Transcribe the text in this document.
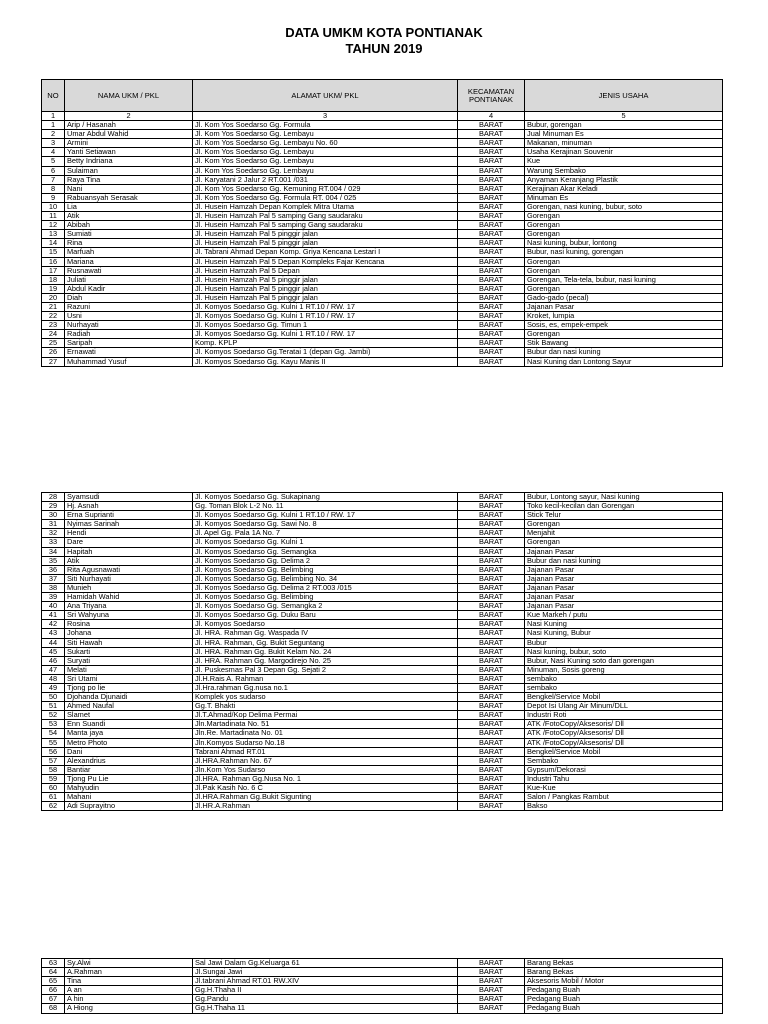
DATA UMKM KOTA PONTIANAK
TAHUN 2019
NO	NAMA UKM / PKL	ALAMAT UKM/ PKL	KECAMATAN
PONTIANAK	JENIS USAHA
1	2	3	4	5
1	Arip / Hasanah	Jl. Kom Yos Soedarso Gg. Formula	BARAT	Bubur, gorengan
2	Umar Abdul Wahid	Jl. Kom Yos Soedarso Gg. Lembayu	BARAT	Jual Minuman Es
3	Armini	Jl. Kom Yos Soedarso Gg. Lembayu No. 60	BARAT	Makanan, minuman
4	Yanti Setiawan	Jl. Kom Yos Soedarso Gg. Lembayu	BARAT	Usaha Kerajinan Souvenir
5	Betty Indriana	Jl. Kom Yos Soedarso Gg. Lembayu	BARAT	Kue
6	Sulaiman	Jl. Kom Yos Soedarso Gg. Lembayu	BARAT	Warung Sembako
7	Raya Tina	Jl. Karyatani 2 Jalur 2 RT.001 /031	BARAT	Anyaman Keranjang Plastik
8	Nani	Jl. Kom Yos Soedarso Gg. Kemuning RT.004 / 029	BARAT	Kerajinan Akar Keladi
9	Rabuansyah Serasak	Jl. Kom Yos Soedarso Gg. Formula RT. 004 / 025	BARAT	Minuman Es
10	Lia	Jl. Husein Hamzah Depan Komplek Mitra Utama	BARAT	Gorengan, nasi kuning, bubur, soto
11	Atik	Jl. Husein Hamzah Pal 5 samping Gang saudaraku	BARAT	Gorengan
12	Abibah	Jl. Husein Hamzah Pal 5 samping Gang saudaraku	BARAT	Gorengan
13	Sumiati	Jl. Husein Hamzah Pal 5 pinggir jalan	BARAT	Gorengan
14	Rina	Jl. Husein Hamzah Pal 5 pinggir jalan	BARAT	Nasi kuning, bubur, lontong
15	Marfuah	Jl. Tabrani Ahmad Depan Komp. Griya Kencana Lestari I	BARAT	Bubur, nasi kuning, gorengan
16	Mariana	Jl. Husein Hamzah Pal 5 Depan Kompleks Fajar Kencana	BARAT	Gorengan
17	Rusnawati	Jl. Husein Hamzah Pal 5 Depan	BARAT	Gorengan
18	Juliati	Jl. Husein Hamzah Pal 5 pinggir jalan	BARAT	Gorengan, Tela-tela, bubur, nasi kuning
19	Abdul Kadir	Jl. Husein Hamzah Pal 5 pinggir jalan	BARAT	Gorengan
20	Diah	Jl. Husein Hamzah Pal 5 pinggir jalan	BARAT	Gado-gado (pecal)
21	Razuni	Jl. Komyos Soedarso Gg. Kulni 1 RT.10 / RW. 17	BARAT	Jajanan Pasar
22	Usni	Jl. Komyos Soedarso Gg. Kulni 1 RT.10 / RW. 17	BARAT	Kroket, lumpia
23	Nurhayati	Jl. Komyos Soedarso Gg. Timun 1	BARAT	Sosis, es, empek-empek
24	Radiah	Jl. Komyos Soedarso Gg. Kulni 1 RT.10 / RW. 17	BARAT	Gorengan
25	Saripah	Komp. KPLP	BARAT	Stik Bawang
26	Ernawati	Jl. Komyos Soedarso Gg.Teratai 1 (depan Gg. Jambi)	BARAT	Bubur dan nasi kuning
27	Muhammad Yusuf	Jl. Komyos Soedarso Gg. Kayu Manis II	BARAT	Nasi Kuning dan Lontong Sayur
28	Syamsudi	Jl. Komyos Soedarso Gg. Sukapinang	BARAT	Bubur, Lontong sayur, Nasi kuning
29	Hj. Asnah	Gg. Toman Blok L-2 No. 11	BARAT	Toko kecil-kecilan dan Gorengan
30	Erna Suprianti	Jl. Komyos Soedarso Gg. Kulni 1 RT.10 / RW. 17	BARAT	Stick Telur
31	Nyimas Sarinah	Jl. Komyos Soedarso Gg. Sawi No. 8	BARAT	Gorengan
32	Hendi	Jl. Apel Gg. Pala 1A No. 7	BARAT	Menjahit
33	Dare	Jl. Komyos Soedarso Gg. Kulni 1	BARAT	Gorengan
34	Hapitah	Jl. Komyos Soedarso Gg. Semangka	BARAT	Jajanan Pasar
35	Atik	Jl. Komyos Soedarso Gg. Delima 2	BARAT	Bubur dan nasi kuning
36	Rita Agusnawati	Jl. Komyos Soedarso Gg. Belimbing	BARAT	Jajanan Pasar
37	Siti Nurhayati	Jl. Komyos Soedarso Gg. Belimbing No. 34	BARAT	Jajanan Pasar
38	Munieh	Jl. Komyos Soedarso Gg. Delima 2 RT.003 /015	BARAT	Jajanan Pasar
39	Hamidah Wahid	Jl. Komyos Soedarso Gg. Belimbing	BARAT	Jajanan Pasar
40	Ana Triyana	Jl. Komyos Soedarso Gg. Semangka 2	BARAT	Jajanan Pasar
41	Sri Wahyuna	Jl. Komyos Soedarso Gg. Duku Baru	BARAT	Kue Markeh / putu
42	Rosina	Jl. Komyos Soedarso	BARAT	Nasi Kuning
43	Johana	Jl. HRA. Rahman Gg. Waspada IV	BARAT	Nasi Kuning, Bubur
44	Siti Hawah	Jl. HRA. Rahman, Gg. Bukit Seguntang	BARAT	Bubur
45	Sukarti	Jl. HRA. Rahman Gg. Bukit Kelam No. 24	BARAT	Nasi kuning, bubur, soto
46	Suryati	Jl. HRA. Rahman Gg. Margodirejo No. 25	BARAT	Bubur, Nasi Kuning soto dan gorengan
47	Melati	Jl. Puskesmas Pal 3 Depan Gg. Sejati 2	BARAT	Minuman, Sosis goreng
48	Sri Utami	Jl.H.Rais A. Rahman	BARAT	sembako
49	Tjong po lie	Jl.Hra.rahman Gg.nusa no.1	BARAT	sembako
50	Djohanda Djunaidi	Komplek yos sudarso	BARAT	Bengkel/Service Mobil
51	Ahmed Naufal	Gg.T. Bhakti	BARAT	Depot Isi Ulang Air Minum/DLL
52	Slamet	Jl.T.Ahmad/Kop Delima Permai	BARAT	Industri Roti
53	Enn Suandi	Jln.Martadinata No. 51	BARAT	ATK /FotoCopy/Aksesoris/ Dll
54	Manta jaya	Jln.Re. Martadinata No. 01	BARAT	ATK /FotoCopy/Aksesoris/ Dll
55	Metro Photo	Jln.Komyos Sudarso No.18	BARAT	ATK /FotoCopy/Aksesoris/ Dll
56	Dani	Tabrani Ahmad RT.01	BARAT	Bengkel/Service Mobil
57	Alexandrius	Jl.HRA.Rahman No. 67	BARAT	Sembako
58	Bantiar	Jln.Kom Yos Sudarso	BARAT	Gypsum/Dekorasi
59	Tjong Pu Lie	Jl.HRA. Rahman Gg.Nusa No. 1	BARAT	Industri Tahu
60	Mahyudin	Jl.Pak Kasih No. 6 C	BARAT	Kue-Kue
61	Mahani	Jl.HRA.Rahman Gg.Bukit Sigunting	BARAT	Salon / Pangkas Rambut
62	Adi Suprayitno	Jl.HR.A.Rahman	BARAT	Bakso
63	Sy.Alwi	Sal Jawi Dalam Gg.Keluarga 61	BARAT	Barang Bekas
64	A.Rahman	Jl.Sungai Jawi	BARAT	Barang Bekas
65	Tina	Jl.tabrani Ahmad RT.01 RW.XIV	BARAT	Aksesoris Mobil / Motor
66	A an	Gg.H.Thaha II	BARAT	Pedagang Buah
67	A hin	Gg.Pandu	BARAT	Pedagang Buah
68	A Hiong	Gg.H.Thaha 11	BARAT	Pedagang Buah
